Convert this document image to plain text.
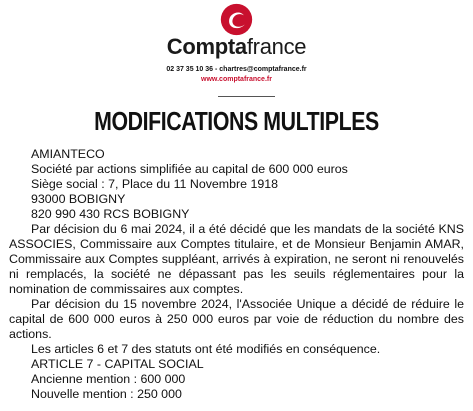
Comptafrance
02 37 35 10 36 - chartres@comptafrance.fr
www.comptafrance.fr
MODIFICATIONS MULTIPLES

AMIANTECO

Société par actions simplifiée au capital de 600 000 euros

Siège social : 7, Place du 11 Novembre 1918

93000 BOBIGNY

820 990 430 RCS BOBIGNY

Par décision du 6 mai 2024, il a été décidé que les mandats de la société KNS ASSOCIES, Commissaire aux Comptes titulaire, et de Monsieur Benjamin AMAR, Commissaire aux Comptes suppléant, arrivés à expiration, ne seront ni renouvelés ni remplacés, la société ne dépassant pas les seuils réglementaires pour la nomination de commissaires aux comptes.

Par décision du 15 novembre 2024, l'Associée Unique a décidé de réduire le capital de 600 000 euros à 250 000 euros par voie de réduction du nombre des actions.

Les articles 6 et 7 des statuts ont été modifiés en conséquence.

ARTICLE 7 - CAPITAL SOCIAL

Ancienne mention : 600 000

Nouvelle mention : 250 000
